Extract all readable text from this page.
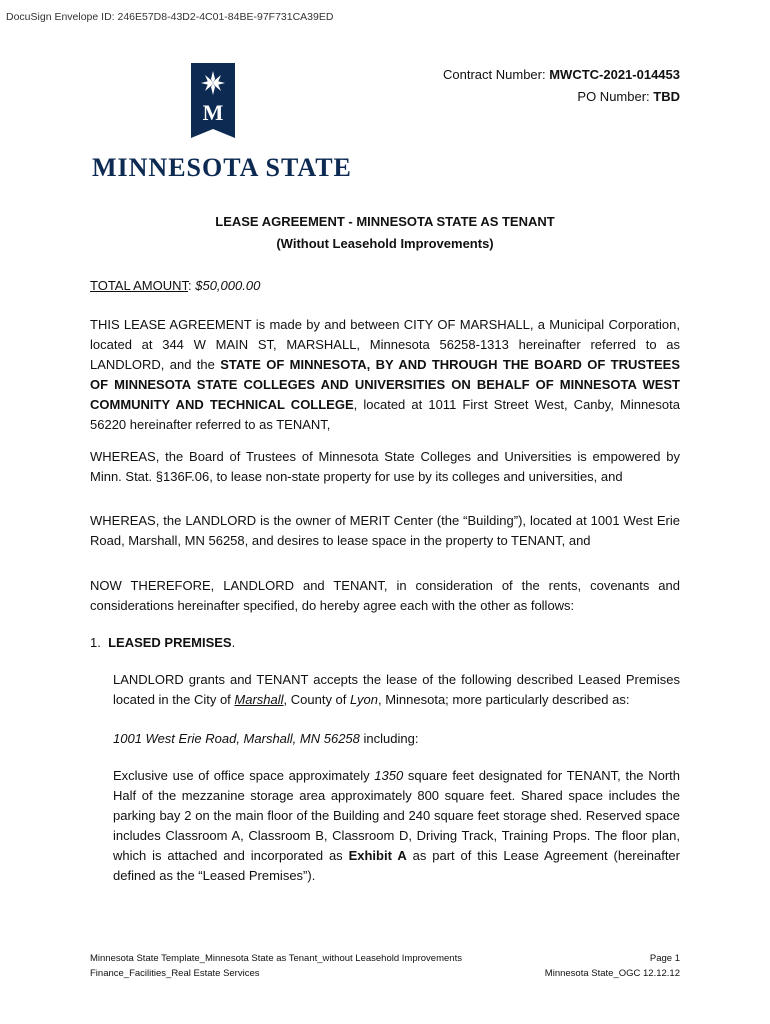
DocuSign Envelope ID: 246E57D8-43D2-4C01-84BE-97F731CA39ED
M
MINNESOTA STATE
Contract Number: MWCTC-2021-014453
PO Number: TBD
LEASE AGREEMENT - MINNESOTA STATE AS TENANT
(Without Leasehold Improvements)
TOTAL AMOUNT: $50,000.00
THIS LEASE AGREEMENT is made by and between CITY OF MARSHALL, a Municipal Corporation, located at 344 W MAIN ST, MARSHALL, Minnesota 56258-1313 hereinafter referred to as LANDLORD, and the STATE OF MINNESOTA, BY AND THROUGH THE BOARD OF TRUSTEES OF MINNESOTA STATE COLLEGES AND UNIVERSITIES ON BEHALF OF MINNESOTA WEST COMMUNITY AND TECHNICAL COLLEGE, located at 1011 First Street West, Canby, Minnesota 56220 hereinafter referred to as TENANT,
WHEREAS, the Board of Trustees of Minnesota State Colleges and Universities is empowered by Minn. Stat. §136F.06, to lease non-state property for use by its colleges and universities, and
WHEREAS, the LANDLORD is the owner of MERIT Center (the “Building”), located at 1001 West Erie Road, Marshall, MN 56258, and desires to lease space in the property to TENANT, and
NOW THEREFORE, LANDLORD and TENANT, in consideration of the rents, covenants and considerations hereinafter specified, do hereby agree each with the other as follows:
1. LEASED PREMISES.
LANDLORD grants and TENANT accepts the lease of the following described Leased Premises located in the City of Marshall, County of Lyon, Minnesota; more particularly described as:
1001 West Erie Road, Marshall, MN 56258 including:
Exclusive use of office space approximately 1350 square feet designated for TENANT, the North Half of the mezzanine storage area approximately 800 square feet. Shared space includes the parking bay 2 on the main floor of the Building and 240 square feet storage shed. Reserved space includes Classroom A, Classroom B, Classroom D, Driving Track, Training Props. The floor plan, which is attached and incorporated as Exhibit A as part of this Lease Agreement (hereinafter defined as the “Leased Premises”).
Minnesota State Template_Minnesota State as Tenant_without Leasehold Improvements
Finance_Facilities_Real Estate Services
Page 1
Minnesota State_OGC 12.12.12
